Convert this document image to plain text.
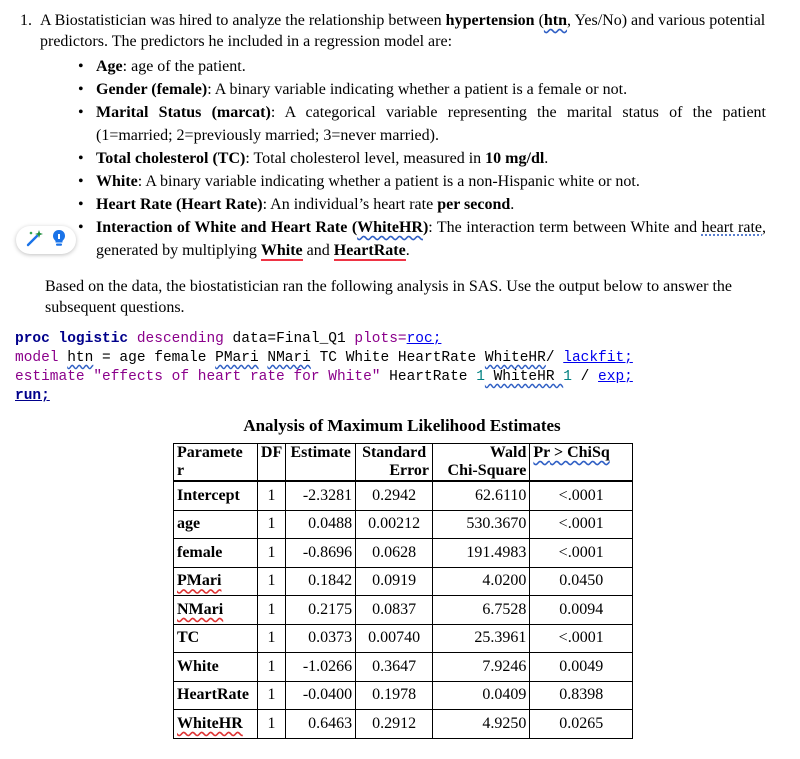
1. A Biostatistician was hired to analyze the relationship between hypertension (htn, Yes/No) and various potential predictors. The predictors he included in a regression model are:
• Age: age of the patient.
• Gender (female): A binary variable indicating whether a patient is a female or not.
• Marital Status (marcat): A categorical variable representing the marital status of the patient (1=married; 2=previously married; 3=never married).
• Total cholesterol (TC): Total cholesterol level, measured in 10 mg/dl.
• White: A binary variable indicating whether a patient is a non-Hispanic white or not.
• Heart Rate (Heart Rate): An individual’s heart rate per second.
• Interaction of White and Heart Rate (WhiteHR): The interaction term between White and heart rate, generated by multiplying White and HeartRate.
Based on the data, the biostatistician ran the following analysis in SAS. Use the output below to answer the subsequent questions.
proc logistic descending data=Final_Q1 plots=roc;
model htn = age female PMari NMari TC White HeartRate WhiteHR/ lackfit;
estimate "effects of heart rate for White" HeartRate 1 WhiteHR 1 / exp;
run;
Analysis of Maximum Likelihood Estimates
Paramete	DF	Estimate	Standard	Wald	Pr > ChiSq
r			Error	Chi-Square	
Intercept	1	-2.3281	0.2942	62.6110	<.0001
age	1	0.0488	0.00212	530.3670	<.0001
female	1	-0.8696	0.0628	191.4983	<.0001
PMari	1	0.1842	0.0919	4.0200	0.0450
NMari	1	0.2175	0.0837	6.7528	0.0094
TC	1	0.0373	0.00740	25.3961	<.0001
White	1	-1.0266	0.3647	7.9246	0.0049
HeartRate	1	-0.0400	0.1978	0.0409	0.8398
WhiteHR	1	0.6463	0.2912	4.9250	0.0265
